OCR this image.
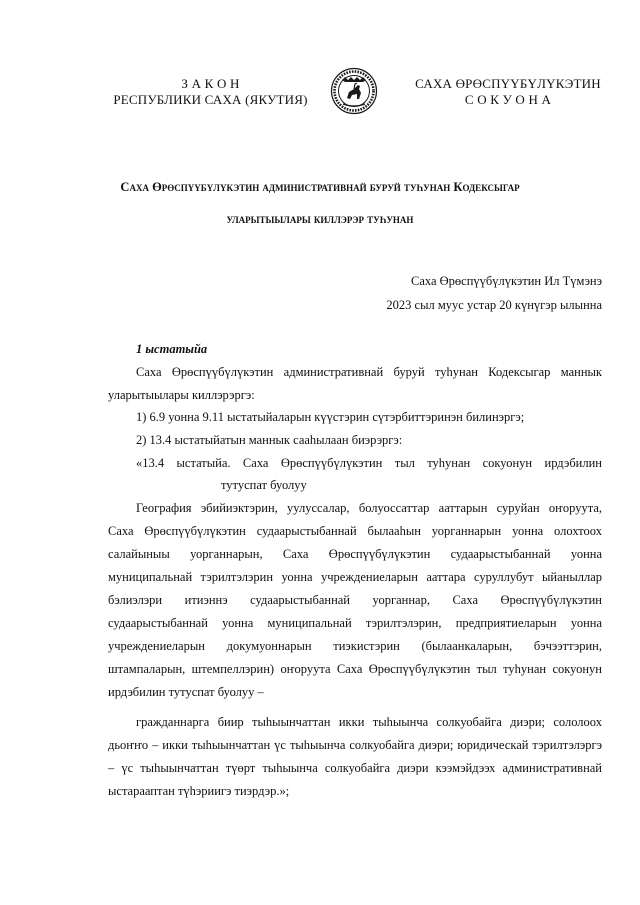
З А К О Н
РЕСПУБЛИКИ САХА (ЯКУТИЯ)
САХА ӨРӨСПҮҮБҮЛҮКЭТИН
С О К У О Н А
Саха Өрөспүүбүлүкэтин административнай буруй туһунан Кодексыгар
уларытыылары киллэрэр туһунан
Саха Өрөспүүбүлүкэтин Ил Түмэнэ
2023 сыл муус устар 20 күнүгэр ылынна
1 ыстатыйа
Саха Өрөспүүбүлүкэтин административнай буруй туһунан Кодексыгар маннык
уларытыылары киллэрэргэ:
1) 6.9 уонна 9.11 ыстатыйаларын күүстэрин сүтэрбиттэринэн билинэргэ;
2) 13.4 ыстатыйатын маннык сааһылаан биэрэргэ:
«13.4 ыстатыйа. Саха Өрөспүүбүлүкэтин тыл туһунан сокуонун ирдэбилин
тутуспат буолуу
География эбийиэктэрин, уулуссалар, болуоссаттар ааттарын суруйан оҥоруута,
Саха Өрөспүүбүлүкэтин судаарыстыбаннай былааһын уорганнарын уонна олохтоох
салайыныы уорганнарын, Саха Өрөспүүбүлүкэтин судаарыстыбаннай уонна
муниципальнай тэрилтэлэрин уонна учреждениеларын ааттара суруллубут ыйаныллар
бэлиэлэри итиэннэ судаарыстыбаннай уорганнар, Саха Өрөспүүбүлүкэтин
судаарыстыбаннай уонна муниципальнай тэрилтэлэрин, предприятиеларын уонна
учреждениеларын докумуоннарын тиэкистэрин (былаанкаларын, бэчээттэрин,
штампаларын, штемпеллэрин) оҥоруута Саха Өрөспүүбүлүкэтин тыл туһунан сокуонун
ирдэбилин тутуспат буолуу –
гражданнарга биир тыһыынчаттан икки тыһыынча солкуобайга диэри; сололоох
дьоҥҥо – икки тыһыынчаттан үс тыһыынча солкуобайга диэри; юридическай тэрилтэлэргэ
– үс тыһыынчаттан түөрт тыһыынча солкуобайга диэри кээмэйдээх административнай
ыстарааптан түһэриигэ тиэрдэр.»;
